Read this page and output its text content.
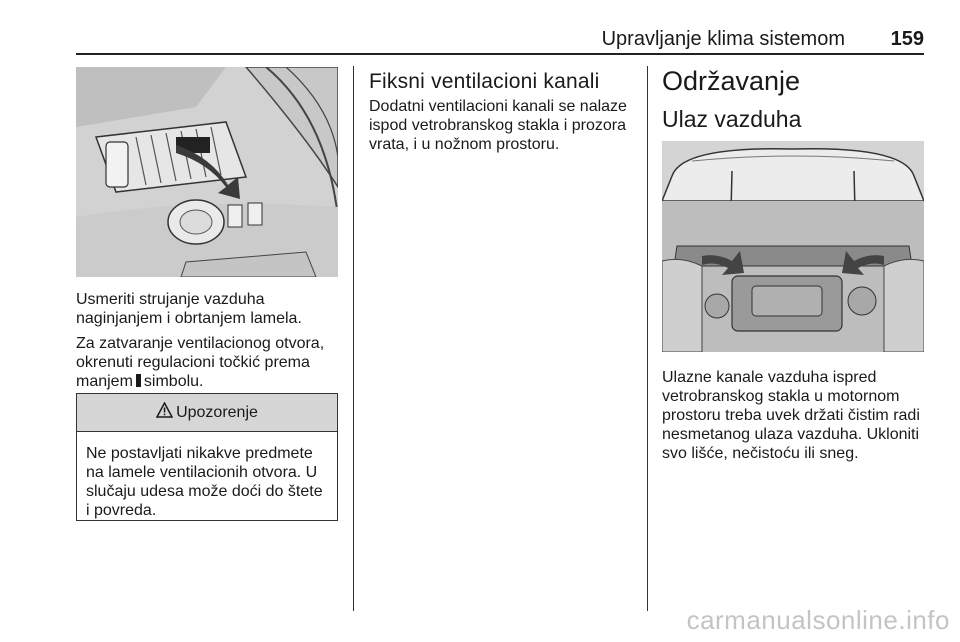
Upravljanje klima sistemom 159
Usmeriti strujanje vazduha naginjanjem i obrtanjem lamela.
Za zatvaranje ventilacionog otvora, okrenuti regulacioni točkić prema manjem simbolu.
Upozorenje
Ne postavljati nikakve predmete na lamele ventilacionih otvora. U slučaju udesa može doći do štete i povreda.
Fiksni ventilacioni kanali
Dodatni ventilacioni kanali se nalaze ispod vetrobranskog stakla i prozora vrata, i u nožnom prostoru.
Održavanje
Ulaz vazduha
Ulazne kanale vazduha ispred vetrobranskog stakla u motornom prostoru treba uvek držati čistim radi nesmetanog ulaza vazduha. Ukloniti svo lišće, nečistoću ili sneg.
carmanualsonline.info
